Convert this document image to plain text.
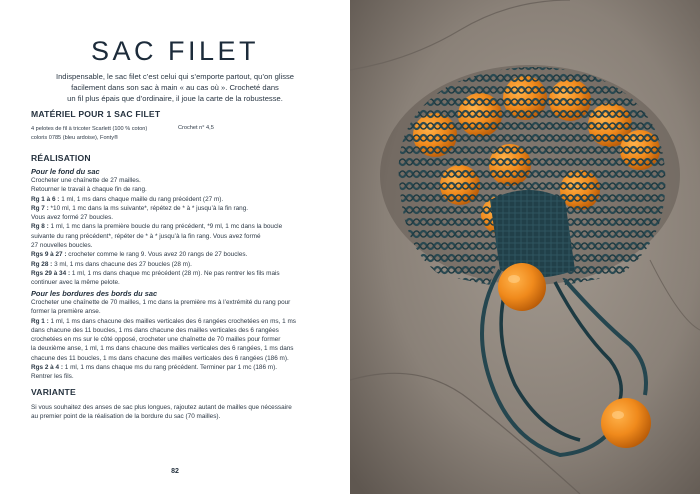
SAC FILET
Indispensable, le sac filet c’est celui qui s’emporte partout, qu’on glisse
facilement dans son sac à main « au cas où ». Crocheté dans
un fil plus épais que d’ordinaire, il joue la carte de la robustesse.
MATÉRIEL POUR 1 SAC FILET
4 pelotes de fil à tricoter Scarlett (100 % coton)	Crochet n° 4,5
coloris 0785 (bleu ardoise), Fonty®
RÉALISATION
Pour le fond du sac
Crocheter une chaînette de 27 mailles.
Retourner le travail à chaque fin de rang.
Rg 1 à 6 : 1 ml, 1 ms dans chaque maille du rang précédent (27 m).
Rg 7 : *10 ml, 1 mc dans la ms suivante*, répétez de * à * jusqu’à la fin rang.
Vous avez formé 27 boucles.
Rg 8 : 1 ml, 1 mc dans la première boucle du rang précédent, *9 ml, 1 mc dans la boucle
suivante du rang précédent*, répéter de * à * jusqu’à la fin rang. Vous avez formé
27 nouvelles boucles.
Rgs 9 à 27 : crocheter comme le rang 9. Vous avez 20 rangs de 27 boucles.
Rg 28 : 3 ml, 1 ms dans chacune des 27 boucles (28 m).
Rgs 29 à 34 : 1 ml, 1 ms dans chaque mc précédent (28 m). Ne pas rentrer les fils mais
continuer avec la même pelote.
Pour les bordures des bords du sac
Crocheter une chaînette de 70 mailles, 1 mc dans la première ms à l’extrémité du rang pour
former la première anse.
Rg 1 : 1 ml, 1 ms dans chacune des mailles verticales des 6 rangées crochetées en ms, 1 ms
dans chacune des 11 boucles, 1 ms dans chacune des mailles verticales des 6 rangées
crochetées en ms sur le côté opposé, crocheter une chaînette de 70 mailles pour former
la deuxième anse, 1 ml, 1 ms dans chacune des mailles verticales des 6 rangées, 1 ms dans
chacune des 11 boucles, 1 ms dans chacune des mailles verticales des 6 rangées (186 m).
Rgs 2 à 4 : 1 ml, 1 ms dans chaque ms du rang précédent. Terminer par 1 mc (186 m).
Rentrer les fils.
VARIANTE
Si vous souhaitez des anses de sac plus longues, rajoutez autant de mailles que nécessaire
au premier point de la réalisation de la bordure du sac (70 mailles).
82
